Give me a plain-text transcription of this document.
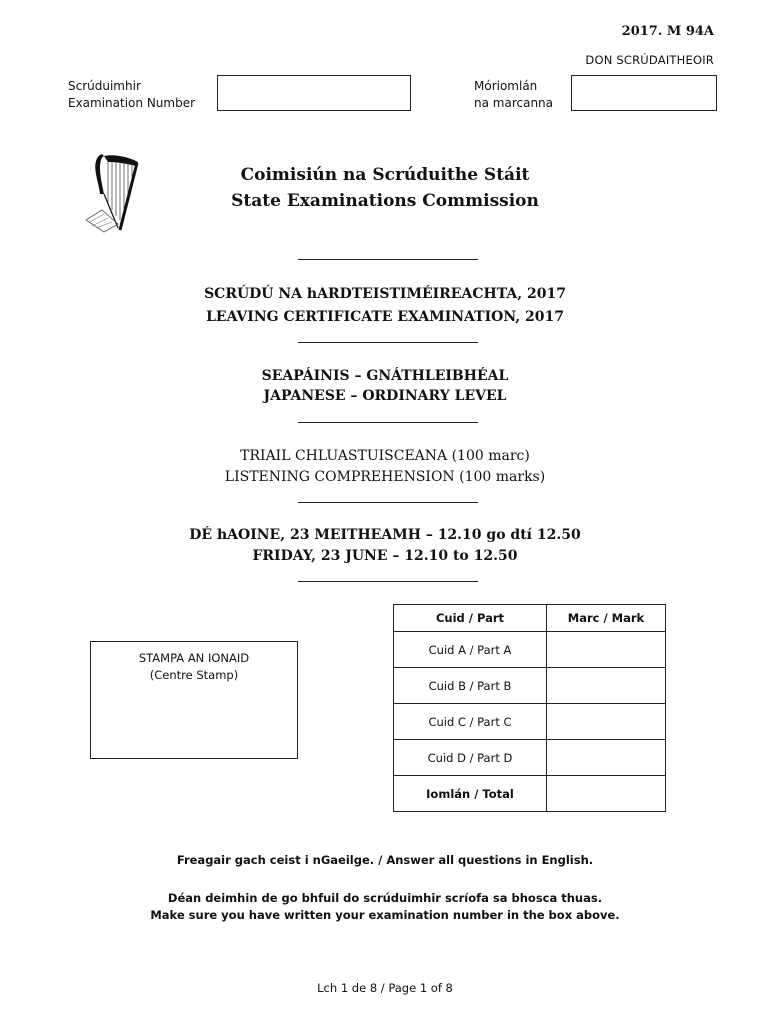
2017. M 94A
DON SCRÚDAITHEOIR
Scrúduimhir
Examination Number
Móriomlán
na marcanna
Coimisiún na Scrúduithe Stáit
State Examinations Commission
SCRÚDÚ NA hARDTEISTIMÉIREACHTA, 2017
LEAVING CERTIFICATE EXAMINATION, 2017
SEAPÁINIS – GNÁTHLEIBHÉAL
JAPANESE – ORDINARY LEVEL
TRIAIL CHLUASTUISCEANA (100 marc)
LISTENING COMPREHENSION (100 marks)
DÉ hAOINE, 23 MEITHEAMH – 12.10 go dtí 12.50
FRIDAY, 23 JUNE – 12.10 to 12.50
STAMPA AN IONAID
(Centre Stamp)
Cuid / Part	Marc / Mark
Cuid A / Part A	
Cuid B / Part B	
Cuid C / Part C	
Cuid D / Part D	
Iomlán / Total	
Freagair gach ceist i nGaeilge. / Answer all questions in English.
Déan deimhin de go bhfuil do scrúduimhir scríofa sa bhosca thuas.
Make sure you have written your examination number in the box above.
Lch 1 de 8 / Page 1 of 8
